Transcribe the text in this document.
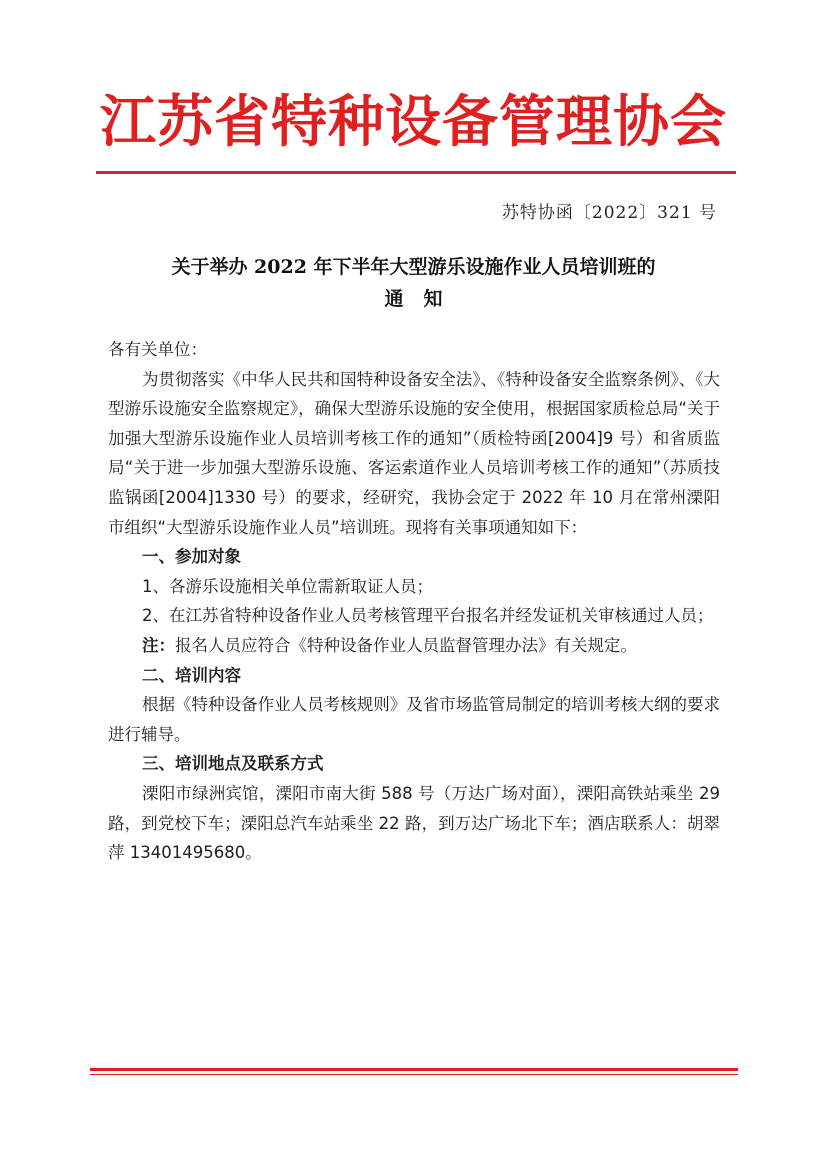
江苏省特种设备管理协会
苏特协函〔2022〕321 号
关于举办 2022 年下半年大型游乐设施作业人员培训班的
通知

各有关单位：

为贯彻落实《中华人民共和国特种设备安全法》、《特种设备安全监察条例》、《大型游乐设施安全监察规定》，确保大型游乐设施的安全使用，根据国家质检总局“关于加强大型游乐设施作业人员培训考核工作的通知”（质检特函[2004]9 号）和省质监局“关于进一步加强大型游乐设施、客运索道作业人员培训考核工作的通知”（苏质技监锅函[2004]1330 号）的要求，经研究，我协会定于 2022 年 10 月在常州溧阳市组织“大型游乐设施作业人员”培训班。现将有关事项通知如下：

一、参加对象

1、各游乐设施相关单位需新取证人员；

2、在江苏省特种设备作业人员考核管理平台报名并经发证机关审核通过人员；

注：报名人员应符合《特种设备作业人员监督管理办法》有关规定。

二、培训内容

根据《特种设备作业人员考核规则》及省市场监管局制定的培训考核大纲的要求进行辅导。

三、培训地点及联系方式

溧阳市绿洲宾馆，溧阳市南大街 588 号（万达广场对面），溧阳高铁站乘坐 29 路，到党校下车；溧阳总汽车站乘坐 22 路，到万达广场北下车；酒店联系人：胡翠萍 13401495680。
